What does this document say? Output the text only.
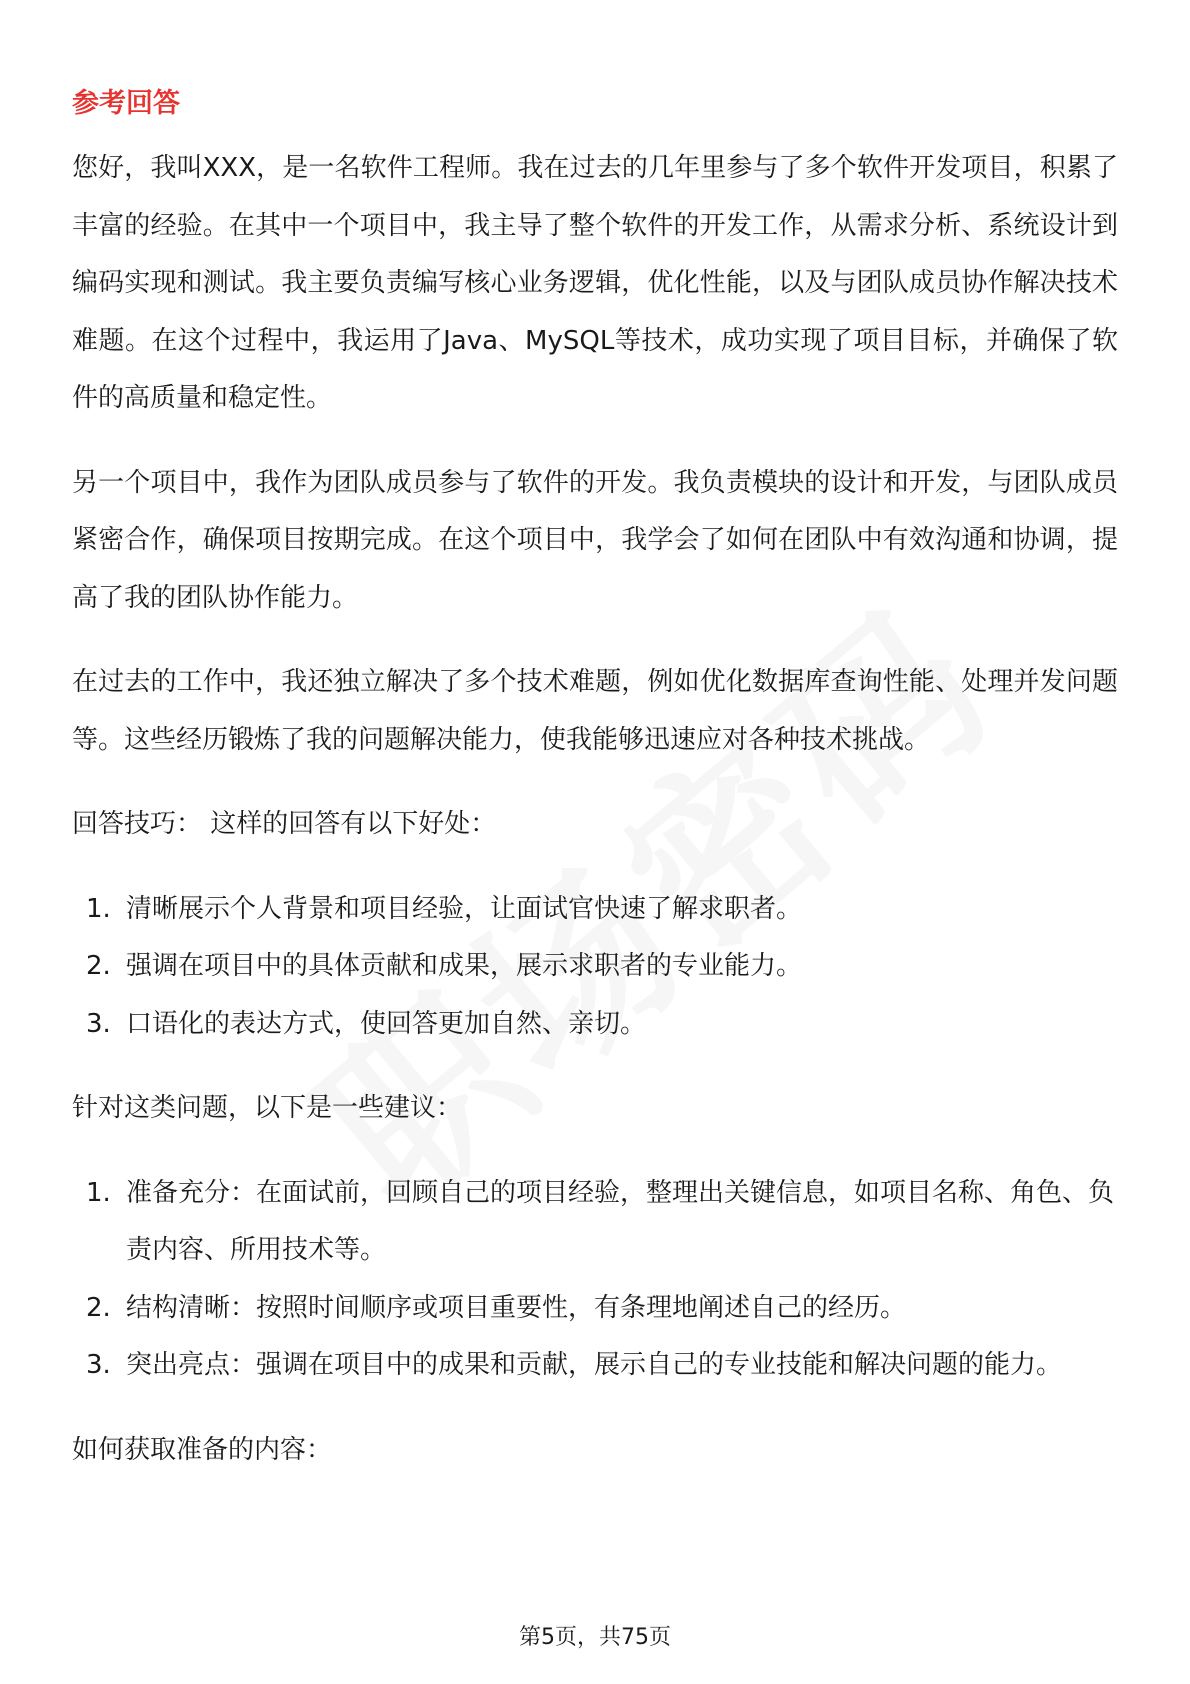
参考回答

您好，我叫XXX，是一名软件工程师。我在过去的几年里参与了多个软件开发项目，积累了丰富的经验。在其中一个项目中，我主导了整个软件的开发工作，从需求分析、系统设计到编码实现和测试。我主要负责编写核心业务逻辑，优化性能，以及与团队成员协作解决技术难题。在这个过程中，我运用了Java、MySQL等技术，成功实现了项目目标，并确保了软件的高质量和稳定性。

另一个项目中，我作为团队成员参与了软件的开发。我负责模块的设计和开发，与团队成员紧密合作，确保项目按期完成。在这个项目中，我学会了如何在团队中有效沟通和协调，提高了我的团队协作能力。

在过去的工作中，我还独立解决了多个技术难题，例如优化数据库查询性能、处理并发问题等。这些经历锻炼了我的问题解决能力，使我能够迅速应对各种技术挑战。

回答技巧： 这样的回答有以下好处：

1. 清晰展示个人背景和项目经验，让面试官快速了解求职者。
2. 强调在项目中的具体贡献和成果，展示求职者的专业能力。
3. 口语化的表达方式，使回答更加自然、亲切。

针对这类问题，以下是一些建议：

1. 准备充分：在面试前，回顾自己的项目经验，整理出关键信息，如项目名称、角色、负责内容、所用技术等。
2. 结构清晰：按照时间顺序或项目重要性，有条理地阐述自己的经历。
3. 突出亮点：强调在项目中的成果和贡献，展示自己的专业技能和解决问题的能力。

如何获取准备的内容：

第5页，共75页
